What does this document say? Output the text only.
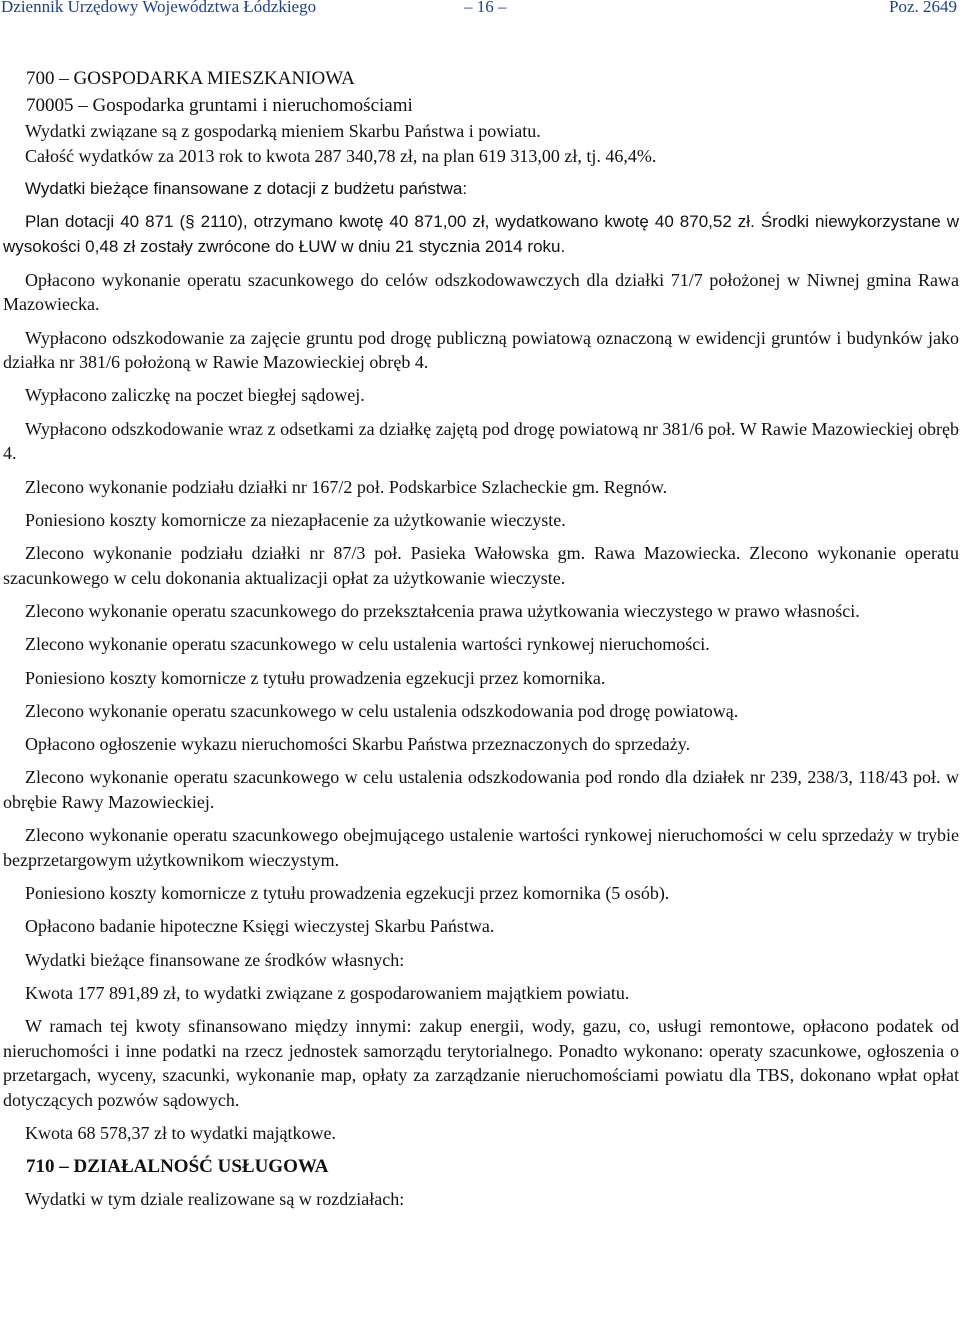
Dziennik Urzędowy Województwa Łódzkiego	– 16 –	Poz. 2649
700 – GOSPODARKA MIESZKANIOWA
70005 – Gospodarka gruntami i nieruchomościami

Wydatki związane są z gospodarką mieniem Skarbu Państwa i powiatu.

Całość wydatków za 2013 rok to kwota 287 340,78 zł, na plan 619 313,00 zł, tj. 46,4%.

Wydatki bieżące finansowane z dotacji z budżetu państwa:

Plan dotacji 40 871 (§ 2110), otrzymano kwotę 40 871,00 zł, wydatkowano kwotę 40 870,52 zł. Środki niewykorzystane w wysokości 0,48 zł zostały zwrócone do ŁUW w dniu 21 stycznia 2014 roku.

Opłacono wykonanie operatu szacunkowego do celów odszkodowawczych dla działki 71/7 położonej w Niwnej gmina Rawa Mazowiecka.

Wypłacono odszkodowanie za zajęcie gruntu pod drogę publiczną powiatową oznaczoną w ewidencji gruntów i budynków jako działka nr 381/6 położoną w Rawie Mazowieckiej obręb 4.

Wypłacono zaliczkę na poczet biegłej sądowej.

Wypłacono odszkodowanie wraz z odsetkami za działkę zajętą pod drogę powiatową nr 381/6 poł. W Rawie Mazowieckiej obręb 4.

Zlecono wykonanie podziału działki nr 167/2 poł. Podskarbice Szlacheckie gm. Regnów.

Poniesiono koszty komornicze za niezapłacenie za użytkowanie wieczyste.

Zlecono wykonanie podziału działki nr 87/3 poł. Pasieka Wałowska gm. Rawa Mazowiecka. Zlecono wykonanie operatu szacunkowego w celu dokonania aktualizacji opłat za użytkowanie wieczyste.

Zlecono wykonanie operatu szacunkowego do przekształcenia prawa użytkowania wieczystego w prawo własności.

Zlecono wykonanie operatu szacunkowego w celu ustalenia wartości rynkowej nieruchomości.

Poniesiono koszty komornicze z tytułu prowadzenia egzekucji przez komornika.

Zlecono wykonanie operatu szacunkowego w celu ustalenia odszkodowania pod drogę powiatową.

Opłacono ogłoszenie wykazu nieruchomości Skarbu Państwa przeznaczonych do sprzedaży.

Zlecono wykonanie operatu szacunkowego w celu ustalenia odszkodowania pod rondo dla działek nr 239, 238/3, 118/43 poł. w obrębie Rawy Mazowieckiej.

Zlecono wykonanie operatu szacunkowego obejmującego ustalenie wartości rynkowej nieruchomości w celu sprzedaży w trybie bezprzetargowym użytkownikom wieczystym.

Poniesiono koszty komornicze z tytułu prowadzenia egzekucji przez komornika (5 osób).

Opłacono badanie hipoteczne Księgi wieczystej Skarbu Państwa.

Wydatki bieżące finansowane ze środków własnych:

Kwota 177 891,89 zł, to wydatki związane z gospodarowaniem majątkiem powiatu.

W ramach tej kwoty sfinansowano między innymi: zakup energii, wody, gazu, co, usługi remontowe, opłacono podatek od nieruchomości i inne podatki na rzecz jednostek samorządu terytorialnego. Ponadto wykonano: operaty szacunkowe, ogłoszenia o przetargach, wyceny, szacunki, wykonanie map, opłaty za zarządzanie nieruchomościami powiatu dla TBS, dokonano wpłat opłat dotyczących pozwów sądowych.

Kwota 68 578,37 zł to wydatki majątkowe.

710 – DZIAŁALNOŚĆ USŁUGOWA

Wydatki w tym dziale realizowane są w rozdziałach:
